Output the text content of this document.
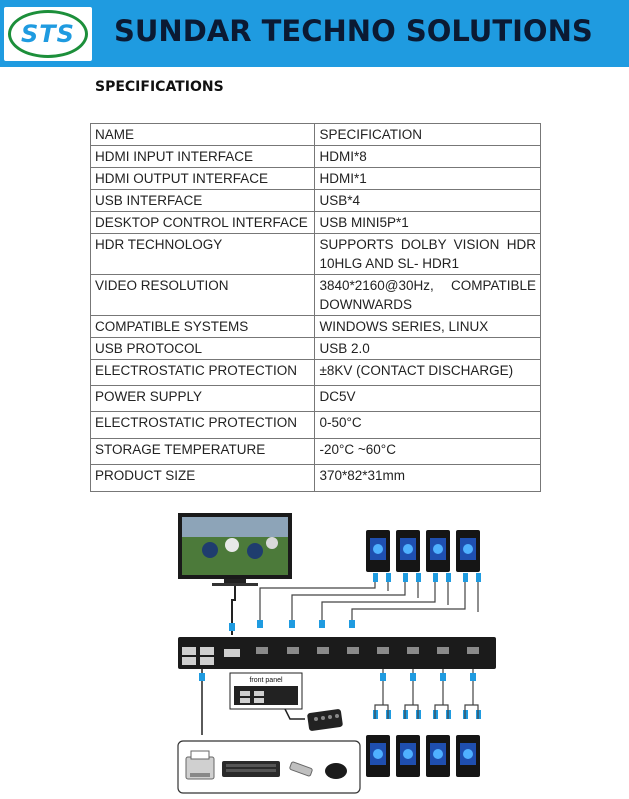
STS	SUNDAR TECHNO SOLUTIONS
SPECIFICATIONS
NAME	SPECIFICATION
HDMI INPUT INTERFACE	HDMI*8
HDMI OUTPUT INTERFACE	HDMI*1
USB INTERFACE	USB*4
DESKTOP CONTROL INTERFACE	USB MINI5P*1
HDR TECHNOLOGY	SUPPORTS DOLBY VISION HDR 10HLG AND SL- HDR1
VIDEO RESOLUTION	3840*2160@30Hz, COMPATIBLE DOWNWARDS
COMPATIBLE SYSTEMS	WINDOWS SERIES, LINUX
USB PROTOCOL	USB 2.0
ELECTROSTATIC PROTECTION	±8KV (CONTACT DISCHARGE)
POWER SUPPLY	DC5V
ELECTROSTATIC PROTECTION	0-50°C
STORAGE TEMPERATURE	-20°C ~60°C
PRODUCT SIZE	370*82*31mm
front panel
